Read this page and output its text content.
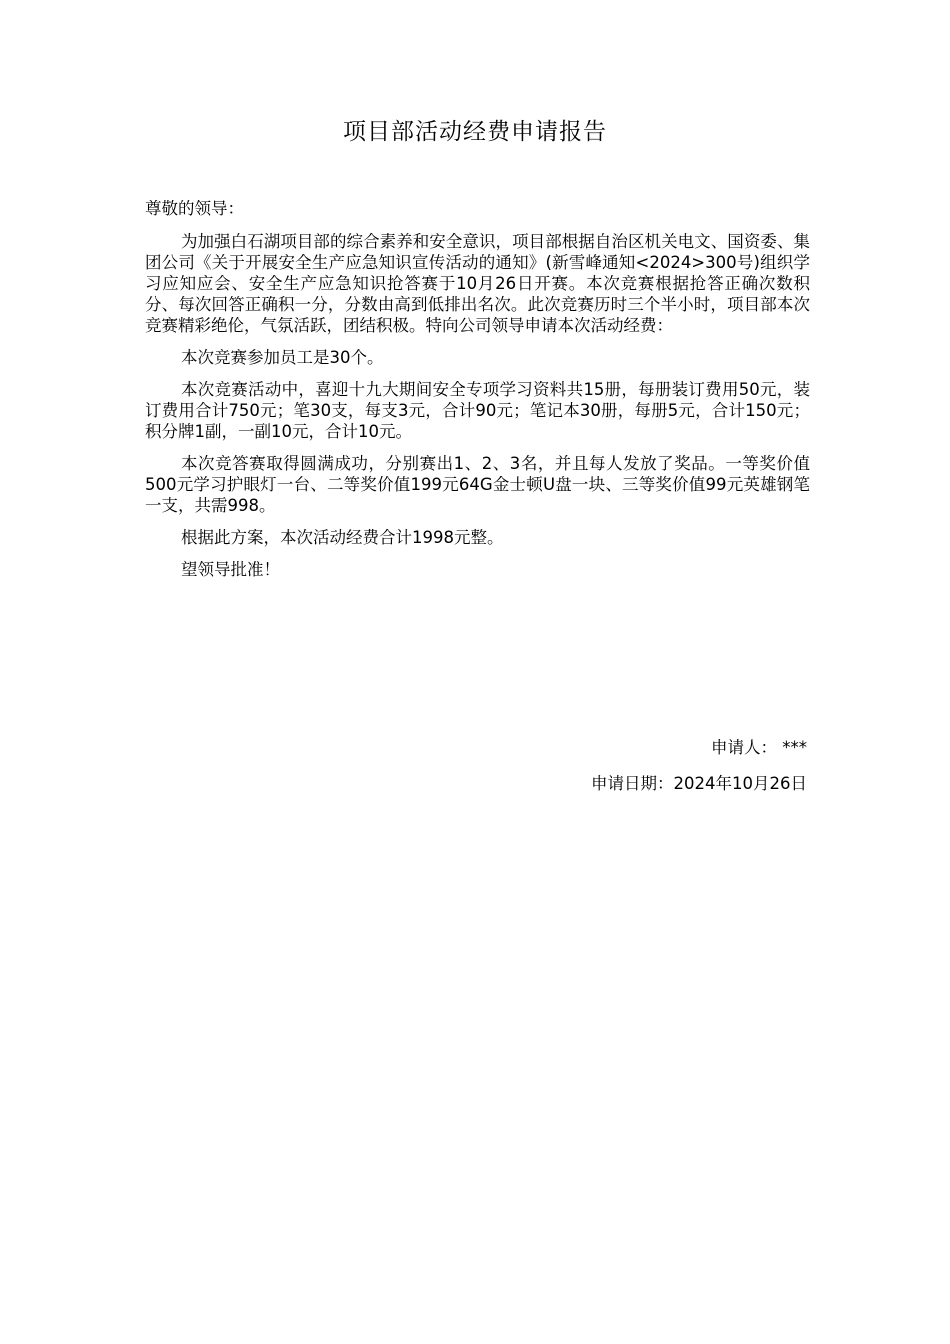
项目部活动经费申请报告

尊敬的领导：

为加强白石湖项目部的综合素养和安全意识，项目部根据自治区机关电文、国资委、集团公司《关于开展安全生产应急知识宣传活动的通知》(新雪峰通知<2024>300号)组织学习应知应会、安全生产应急知识抢答赛于10月26日开赛。本次竞赛根据抢答正确次数积分、每次回答正确积一分，分数由高到低排出名次。此次竞赛历时三个半小时，项目部本次竞赛精彩绝伦，气氛活跃，团结积极。特向公司领导申请本次活动经费：

本次竞赛参加员工是30个。

本次竞赛活动中，喜迎十九大期间安全专项学习资料共15册，每册装订费用50元，装订费用合计750元；笔30支，每支3元，合计90元；笔记本30册，每册5元，合计150元；积分牌1副，一副10元，合计10元。

本次竞答赛取得圆满成功，分别赛出1、2、3名，并且每人发放了奖品。一等奖价值500元学习护眼灯一台、二等奖价值199元64G金士顿U盘一块、三等奖价值99元英雄钢笔一支，共需998。

根据此方案，本次活动经费合计1998元整。

望领导批准！

申请人： ***
申请日期：2024年10月26日
